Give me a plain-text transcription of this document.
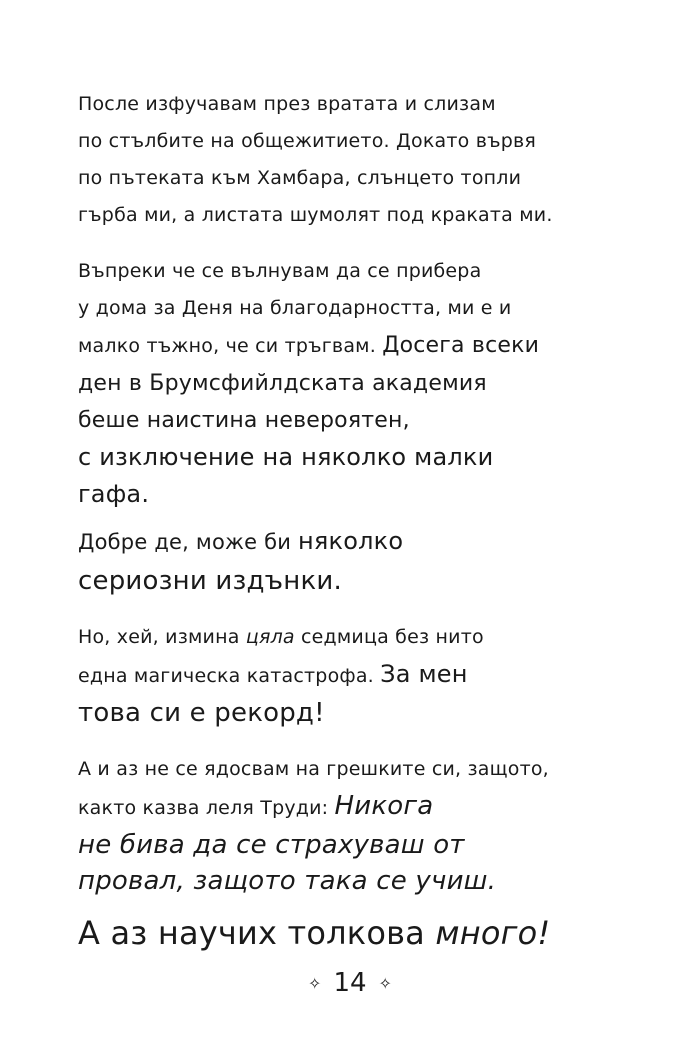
После изфучавам през вратата и слизам
по стълбите на общежитието. Докато вървя
по пътеката към Хамбара, слънцето топли
гърба ми, а листата шумолят под краката ми.

Въпреки че се вълнувам да се прибера
у дома за Деня на благодарността, ми е и
малко тъжно, че си тръгвам. Досега всеки
ден в Брумсфийлдската академия
беше наистина невероятен,
с изключение на няколко малки
гафа.

Добре де, може би няколко
сериозни издънки.

Но, хей, измина цяла седмица без нито
една магическа катастрофа. За мен
това си е рекорд!

А и аз не се ядосвам на грешките си, защото,
както казва леля Труди: Никога
не бива да се страхуваш от
провал, защото така се учиш.

А аз научих толкова много!

✧ 14 ✧
